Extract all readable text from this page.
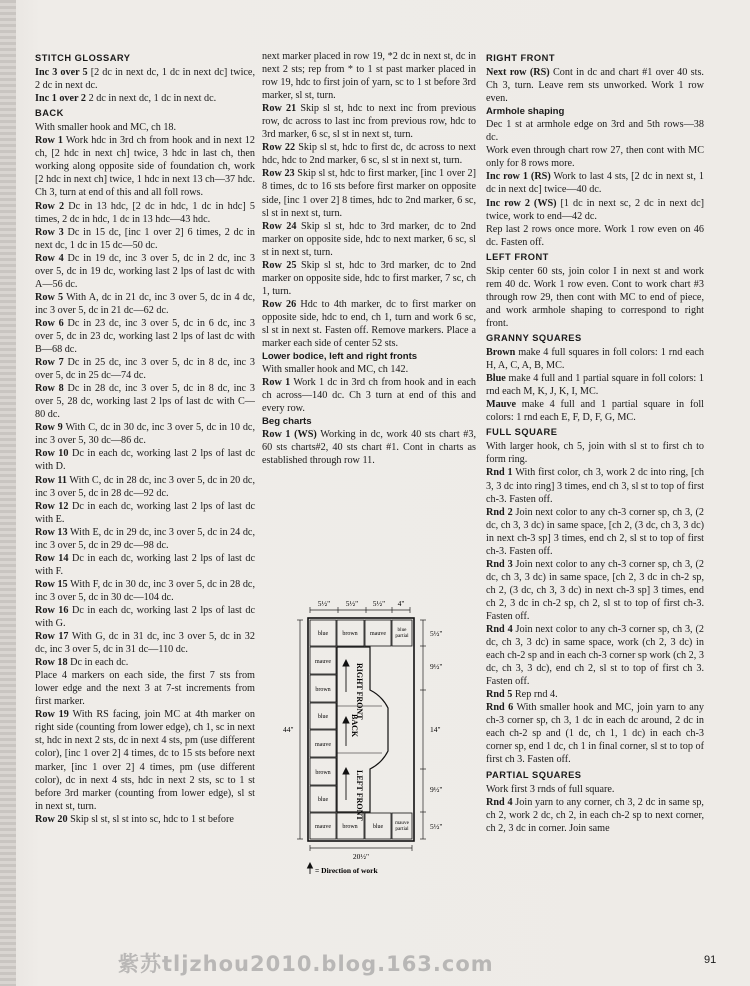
STITCH GLOSSARY

Inc 3 over 5 [2 dc in next dc, 1 dc in next dc] twice, 2 dc in next dc.

Inc 1 over 2 2 dc in next dc, 1 dc in next dc.

BACK

With smaller hook and MC, ch 18.

Row 1 Work hdc in 3rd ch from hook and in next 12 ch, [2 hdc in next ch] twice, 3 hdc in last ch, then working along opposite side of foundation ch, work [2 hdc in next ch] twice, 1 hdc in next 13 ch—37 hdc. Ch 3, turn at end of this and all foll rows.

Row 2 Dc in 13 hdc, [2 dc in hdc, 1 dc in hdc] 5 times, 2 dc in hdc, 1 dc in 13 hdc—43 hdc.

Row 3 Dc in 15 dc, [inc 1 over 2] 6 times, 2 dc in next dc, 1 dc in 15 dc—50 dc.

Row 4 Dc in 19 dc, inc 3 over 5, dc in 2 dc, inc 3 over 5, dc in 19 dc, working last 2 lps of last dc with A—56 dc.

Row 5 With A, dc in 21 dc, inc 3 over 5, dc in 4 dc, inc 3 over 5, dc in 21 dc—62 dc.

Row 6 Dc in 23 dc, inc 3 over 5, dc in 6 dc, inc 3 over 5, dc in 23 dc, working last 2 lps of last dc with B—68 dc.

Row 7 Dc in 25 dc, inc 3 over 5, dc in 8 dc, inc 3 over 5, dc in 25 dc—74 dc.

Row 8 Dc in 28 dc, inc 3 over 5, dc in 8 dc, inc 3 over 5, 28 dc, working last 2 lps of last dc with C—80 dc.

Row 9 With C, dc in 30 dc, inc 3 over 5, dc in 10 dc, inc 3 over 5, 30 dc—86 dc.

Row 10 Dc in each dc, working last 2 lps of last dc with D.

Row 11 With C, dc in 28 dc, inc 3 over 5, dc in 20 dc, inc 3 over 5, dc in 28 dc—92 dc.

Row 12 Dc in each dc, working last 2 lps of last dc with E.

Row 13 With E, dc in 29 dc, inc 3 over 5, dc in 24 dc, inc 3 over 5, dc in 29 dc—98 dc.

Row 14 Dc in each dc, working last 2 lps of last dc with F.

Row 15 With F, dc in 30 dc, inc 3 over 5, dc in 28 dc, inc 3 over 5, dc in 30 dc—104 dc.

Row 16 Dc in each dc, working last 2 lps of last dc with G.

Row 17 With G, dc in 31 dc, inc 3 over 5, dc in 32 dc, inc 3 over 5, dc in 31 dc—110 dc.

Row 18 Dc in each dc.

Place 4 markers on each side, the first 7 sts from lower edge and the next 3 at 7-st increments from first marker.

Row 19 With RS facing, join MC at 4th marker on right side (counting from lower edge), ch 1, sc in next st, hdc in next 2 sts, dc in next 4 sts, pm (use different color), [inc 1 over 2] 4 times, dc to 15 sts before next marker, [inc 1 over 2] 4 times, pm (use different color), dc in next 4 sts, hdc in next 2 sts, sc to 1 st before 3rd marker (counting from lower edge), sl st in next st, turn.

Row 20 Skip sl st, sl st into sc, hdc to 1 st before

next marker placed in row 19, *2 dc in next st, dc in next 2 sts; rep from * to 1 st past marker placed in row 19, hdc to first join of yarn, sc to 1 st before 3rd marker, sl st, turn.

Row 21 Skip sl st, hdc to next inc from previous row, dc across to last inc from previous row, hdc to 3rd marker, 6 sc, sl st in next st, turn.

Row 22 Skip sl st, hdc to first dc, dc across to next hdc, hdc to 2nd marker, 6 sc, sl st in next st, turn.

Row 23 Skip sl st, hdc to first marker, [inc 1 over 2] 8 times, dc to 16 sts before first marker on opposite side, [inc 1 over 2] 8 times, hdc to 2nd marker, 6 sc, sl st in next st, turn.

Row 24 Skip sl st, hdc to 3rd marker, dc to 2nd marker on opposite side, hdc to next marker, 6 sc, sl st in next st, turn.

Row 25 Skip sl st, hdc to 3rd marker, dc to 2nd marker on opposite side, hdc to first marker, 7 sc, ch 1, turn.

Row 26 Hdc to 4th marker, dc to first marker on opposite side, hdc to end, ch 1, turn and work 6 sc, sl st in next st. Fasten off. Remove markers. Place a marker each side of center 52 sts.

Lower bodice, left and right fronts

With smaller hook and MC, ch 142.

Row 1 Work 1 dc in 3rd ch from hook and in each ch across—140 dc. Ch 3 turn at end of this and every row.

Beg charts

Row 1 (WS) Working in dc, work 40 sts chart #3, 60 sts charts#2, 40 sts chart #1. Cont in charts as established through row 11.

RIGHT FRONT

Next row (RS) Cont in dc and chart #1 over 40 sts. Ch 3, turn. Leave rem sts unworked. Work 1 row even.

Armhole shaping

Dec 1 st at armhole edge on 3rd and 5th rows—38 dc.

Work even through chart row 27, then cont with MC only for 8 rows more.

Inc row 1 (RS) Work to last 4 sts, [2 dc in next st, 1 dc in next dc] twice—40 dc.

Inc row 2 (WS) [1 dc in next sc, 2 dc in next dc] twice, work to end—42 dc.

Rep last 2 rows once more. Work 1 row even on 46 dc. Fasten off.

LEFT FRONT

Skip center 60 sts, join color I in next st and work rem 40 dc. Work 1 row even. Cont to work chart #3 through row 29, then cont with MC to end of piece, and work armhole shaping to correspond to right front.

GRANNY SQUARES

Brown make 4 full squares in foll colors: 1 rnd each H, A, C, A, B, MC.

Blue make 4 full and 1 partial square in foll colors: 1 rnd each M, K, J, K, I, MC.

Mauve make 4 full and 1 partial square in foll colors: 1 rnd each E, F, D, F, G, MC.

FULL SQUARE

With larger hook, ch 5, join with sl st to first ch to form ring.

Rnd 1 With first color, ch 3, work 2 dc into ring, [ch 3, 3 dc into ring] 3 times, end ch 3, sl st to top of first ch-3. Fasten off.

Rnd 2 Join next color to any ch-3 corner sp, ch 3, (2 dc, ch 3, 3 dc) in same space, [ch 2, (3 dc, ch 3, 3 dc) in next ch-3 sp] 3 times, end ch 2, sl st to top of first ch-3. Fasten off.

Rnd 3 Join next color to any ch-3 corner sp, ch 3, (2 dc, ch 3, 3 dc) in same space, [ch 2, 3 dc in ch-2 sp, ch 2, (3 dc, ch 3, 3 dc) in next ch-3 sp] 3 times, end ch 2, 3 dc in ch-2 sp, ch 2, sl st to top of first ch-3. Fasten off.

Rnd 4 Join next color to any ch-3 corner sp, ch 3, (2 dc, ch 3, 3 dc) in same space, work (ch 2, 3 dc) in each ch-2 sp and in each ch-3 corner sp work (ch 2, 3 dc, ch 3, 3 dc), end ch 2, sl st to top of first ch 3. Fasten off.

Rnd 5 Rep rnd 4.

Rnd 6 With smaller hook and MC, join yarn to any ch-3 corner sp, ch 3, 1 dc in each dc around, 2 dc in each ch-2 sp and (1 dc, ch 1, 1 dc) in each ch-3 corner sp, end 1 dc, ch 1 in final corner, sl st to top of first ch 3. Fasten off.

PARTIAL SQUARES

Work first 3 rnds of full square.

Rnd 4 Join yarn to any corner, ch 3, 2 dc in same sp, ch 2, work 2 dc, ch 2, in each ch-2 sp to next corner, ch 2, 3 dc in corner. Join same

5½" 5½" 5½" 4"
blue brown mauve
blue partial
mauve brown	blue
mauve partial
mauve
brown
blue
mauve
brown
blue
RIGHT FRONT
BACK
LEFT FRONT
5½"
9½"
14"
9½"
5½"
44"
20½"
= Direction of work
紫苏tljzhou2010.blog.163.com	91
